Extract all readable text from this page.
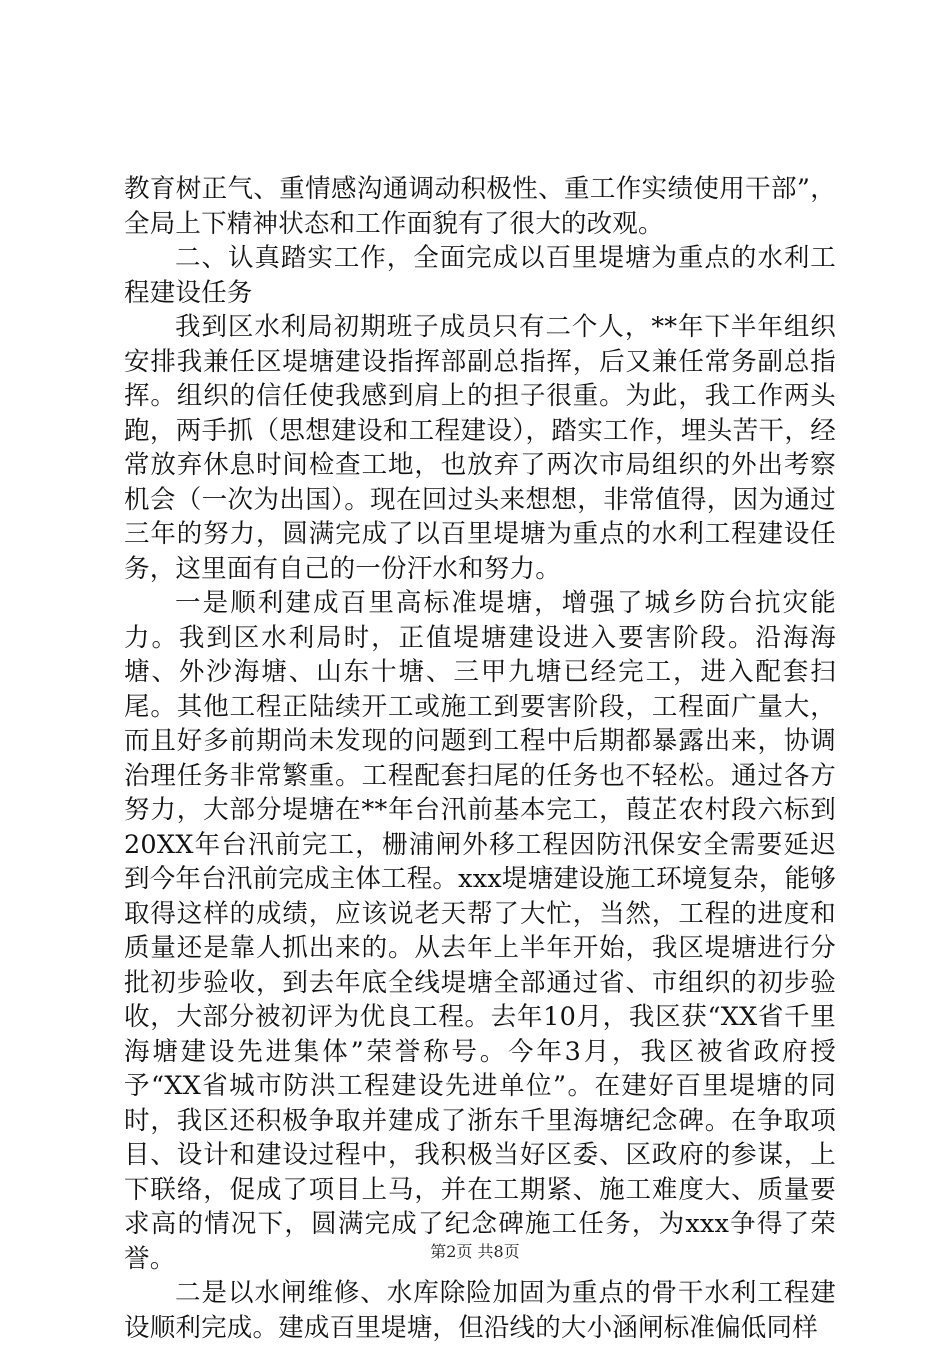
教育树正气、重情感沟通调动积极性、重工作实绩使用干部”，全局上下精神状态和工作面貌有了很大的改观。

二、认真踏实工作，全面完成以百里堤塘为重点的水利工程建设任务

我到区水利局初期班子成员只有二个人，**年下半年组织安排我兼任区堤塘建设指挥部副总指挥，后又兼任常务副总指挥。组织的信任使我感到肩上的担子很重。为此，我工作两头跑，两手抓（思想建设和工程建设），踏实工作，埋头苦干，经常放弃休息时间检查工地，也放弃了两次市局组织的外出考察机会（一次为出国）。现在回过头来想想，非常值得，因为通过三年的努力，圆满完成了以百里堤塘为重点的水利工程建设任务，这里面有自己的一份汗水和努力。

一是顺利建成百里高标准堤塘，增强了城乡防台抗灾能力。我到区水利局时，正值堤塘建设进入要害阶段。沿海海塘、外沙海塘、山东十塘、三甲九塘已经完工，进入配套扫尾。其他工程正陆续开工或施工到要害阶段，工程面广量大，而且好多前期尚未发现的问题到工程中后期都暴露出来，协调治理任务非常繁重。工程配套扫尾的任务也不轻松。通过各方努力，大部分堤塘在**年台汛前基本完工，葭芷农村段六标到20XX年台汛前完工，栅浦闸外移工程因防汛保安全需要延迟到今年台汛前完成主体工程。xxx堤塘建设施工环境复杂，能够取得这样的成绩，应该说老天帮了大忙，当然，工程的进度和质量还是靠人抓出来的。从去年上半年开始，我区堤塘进行分批初步验收，到去年底全线堤塘全部通过省、市组织的初步验收，大部分被初评为优良工程。去年10月，我区获“XX省千里海塘建设先进集体”荣誉称号。今年3月，我区被省政府授予“XX省城市防洪工程建设先进单位”。在建好百里堤塘的同时，我区还积极争取并建成了浙东千里海塘纪念碑。在争取项目、设计和建设过程中，我积极当好区委、区政府的参谋，上下联络，促成了项目上马，并在工期紧、施工难度大、质量要求高的情况下，圆满完成了纪念碑施工任务，为xxx争得了荣誉。

二是以水闸维修、水库除险加固为重点的骨干水利工程建设顺利完成。建成百里堤塘，但沿线的大小涵闸标准偏低同样

第2页 共8页
